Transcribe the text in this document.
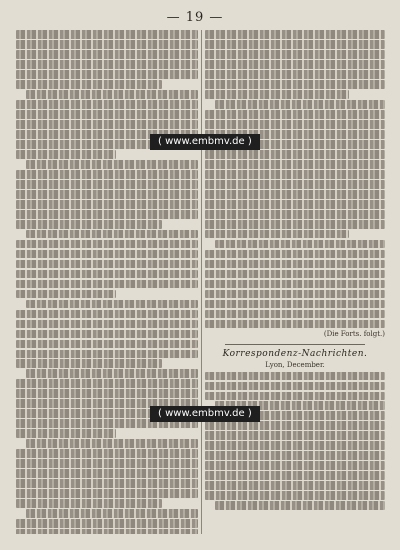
— 19 —
(Die Forts. folgt.)
Korrespondenz-Nachrichten.
Lyon, December.
( www.embmv.de )
( www.embmv.de )
